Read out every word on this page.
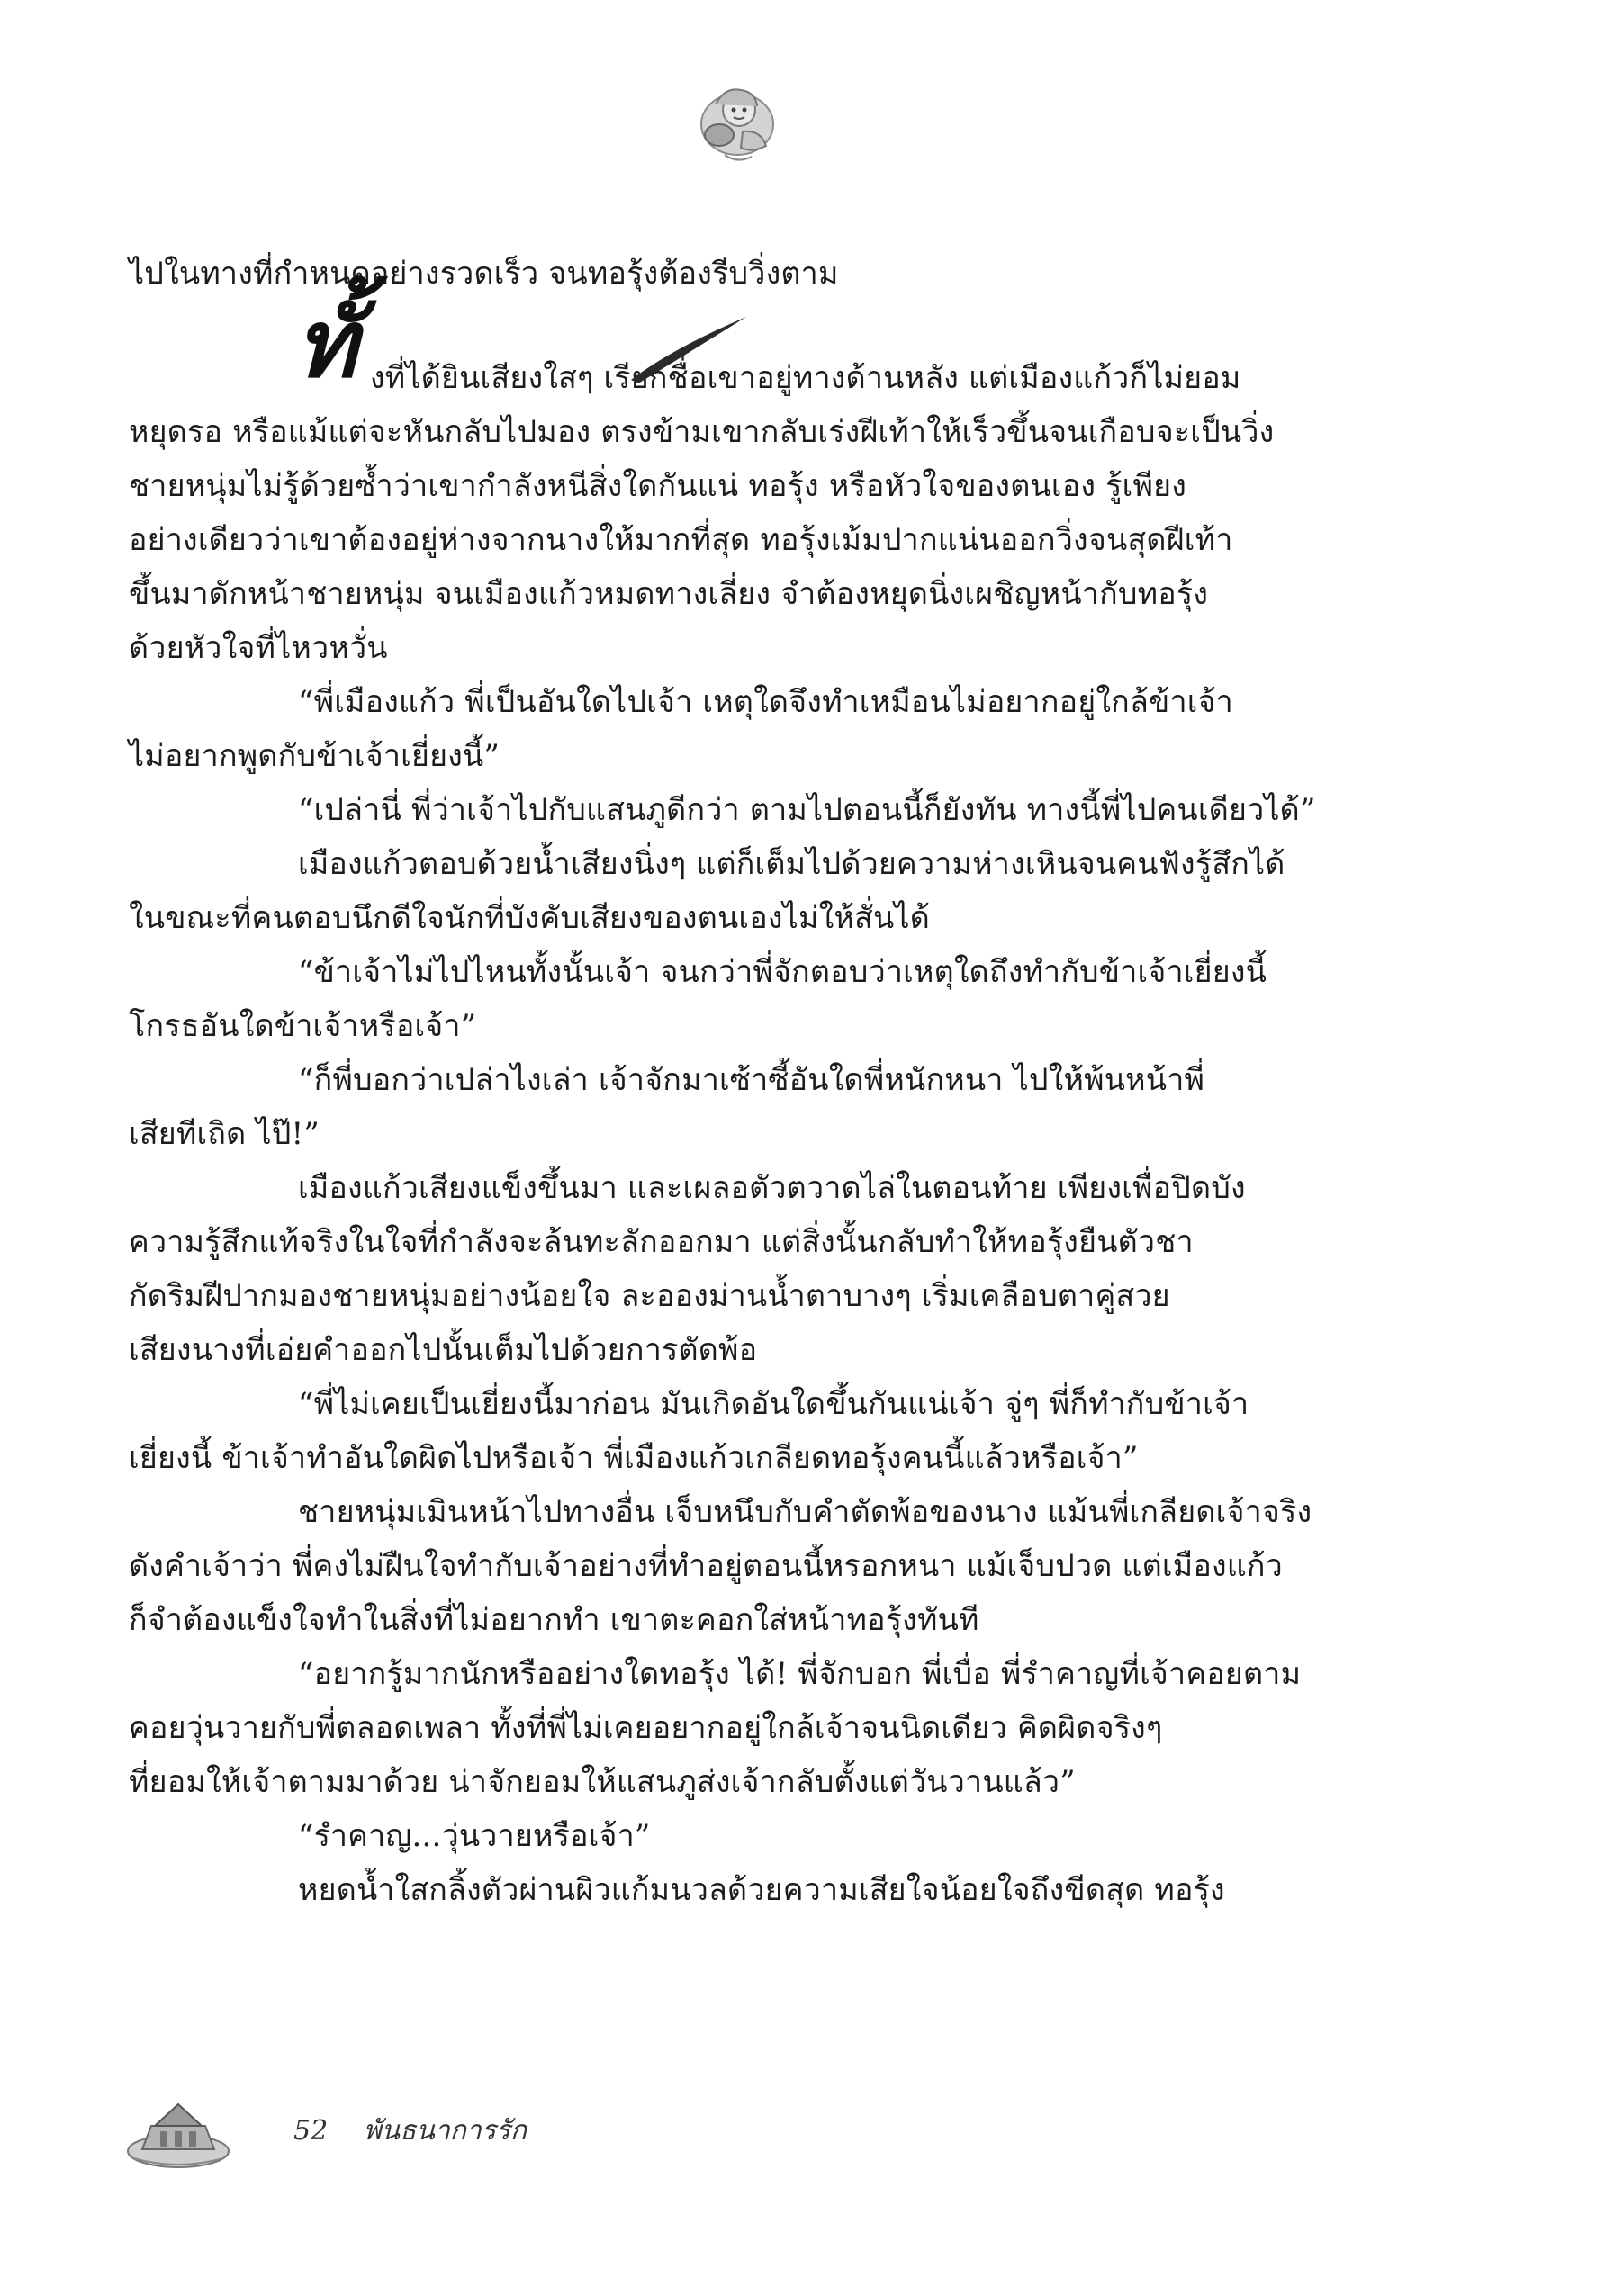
ไปในทางที่กำหนดอย่างรวดเร็ว จนทอรุ้งต้องรีบวิ่งตาม
ทั้ งที่ได้ยินเสียงใสๆ เรียกชื่อเขาอยู่ทางด้านหลัง แต่เมืองแก้วก็ไม่ยอม
หยุดรอ หรือแม้แต่จะหันกลับไปมอง ตรงข้ามเขากลับเร่งฝีเท้าให้เร็วขึ้นจนเกือบจะเป็นวิ่ง
ชายหนุ่มไม่รู้ด้วยซ้ำว่าเขากำลังหนีสิ่งใดกันแน่ ทอรุ้ง หรือหัวใจของตนเอง รู้เพียง
อย่างเดียวว่าเขาต้องอยู่ห่างจากนางให้มากที่สุด ทอรุ้งเม้มปากแน่นออกวิ่งจนสุดฝีเท้า
ขึ้นมาดักหน้าชายหนุ่ม จนเมืองแก้วหมดทางเลี่ยง จำต้องหยุดนิ่งเผชิญหน้ากับทอรุ้ง
ด้วยหัวใจที่ไหวหวั่น
“พี่เมืองแก้ว พี่เป็นอันใดไปเจ้า เหตุใดจึงทำเหมือนไม่อยากอยู่ใกล้ข้าเจ้า
ไม่อยากพูดกับข้าเจ้าเยี่ยงนี้”
“เปล่านี่ พี่ว่าเจ้าไปกับแสนภูดีกว่า ตามไปตอนนี้ก็ยังทัน ทางนี้พี่ไปคนเดียวได้”
เมืองแก้วตอบด้วยน้ำเสียงนิ่งๆ แต่ก็เต็มไปด้วยความห่างเหินจนคนฟังรู้สึกได้
ในขณะที่คนตอบนึกดีใจนักที่บังคับเสียงของตนเองไม่ให้สั่นได้
“ข้าเจ้าไม่ไปไหนทั้งนั้นเจ้า จนกว่าพี่จักตอบว่าเหตุใดถึงทำกับข้าเจ้าเยี่ยงนี้
โกรธอันใดข้าเจ้าหรือเจ้า”
“ก็พี่บอกว่าเปล่าไงเล่า เจ้าจักมาเซ้าซี้อันใดพี่หนักหนา ไปให้พ้นหน้าพี่
เสียทีเถิด ไป๊!”
เมืองแก้วเสียงแข็งขึ้นมา และเผลอตัวตวาดไล่ในตอนท้าย เพียงเพื่อปิดบัง
ความรู้สึกแท้จริงในใจที่กำลังจะล้นทะลักออกมา แต่สิ่งนั้นกลับทำให้ทอรุ้งยืนตัวชา
กัดริมฝีปากมองชายหนุ่มอย่างน้อยใจ ละอองม่านน้ำตาบางๆ เริ่มเคลือบตาคู่สวย
เสียงนางที่เอ่ยคำออกไปนั้นเต็มไปด้วยการตัดพ้อ
“พี่ไม่เคยเป็นเยี่ยงนี้มาก่อน มันเกิดอันใดขึ้นกันแน่เจ้า จู่ๆ พี่ก็ทำกับข้าเจ้า
เยี่ยงนี้ ข้าเจ้าทำอันใดผิดไปหรือเจ้า พี่เมืองแก้วเกลียดทอรุ้งคนนี้แล้วหรือเจ้า”
ชายหนุ่มเมินหน้าไปทางอื่น เจ็บหนึบกับคำตัดพ้อของนาง แม้นพี่เกลียดเจ้าจริง
ดังคำเจ้าว่า พี่คงไม่ฝืนใจทำกับเจ้าอย่างที่ทำอยู่ตอนนี้หรอกหนา แม้เจ็บปวด แต่เมืองแก้ว
ก็จำต้องแข็งใจทำในสิ่งที่ไม่อยากทำ เขาตะคอกใส่หน้าทอรุ้งทันที
“อยากรู้มากนักหรืออย่างใดทอรุ้ง ได้! พี่จักบอก พี่เบื่อ พี่รำคาญที่เจ้าคอยตาม
คอยวุ่นวายกับพี่ตลอดเพลา ทั้งที่พี่ไม่เคยอยากอยู่ใกล้เจ้าจนนิดเดียว คิดผิดจริงๆ
ที่ยอมให้เจ้าตามมาด้วย น่าจักยอมให้แสนภูส่งเจ้ากลับตั้งแต่วันวานแล้ว”
“รำคาญ...วุ่นวายหรือเจ้า”
หยดน้ำใสกลิ้งตัวผ่านผิวแก้มนวลด้วยความเสียใจน้อยใจถึงขีดสุด ทอรุ้ง
52 พันธนาการรัก
